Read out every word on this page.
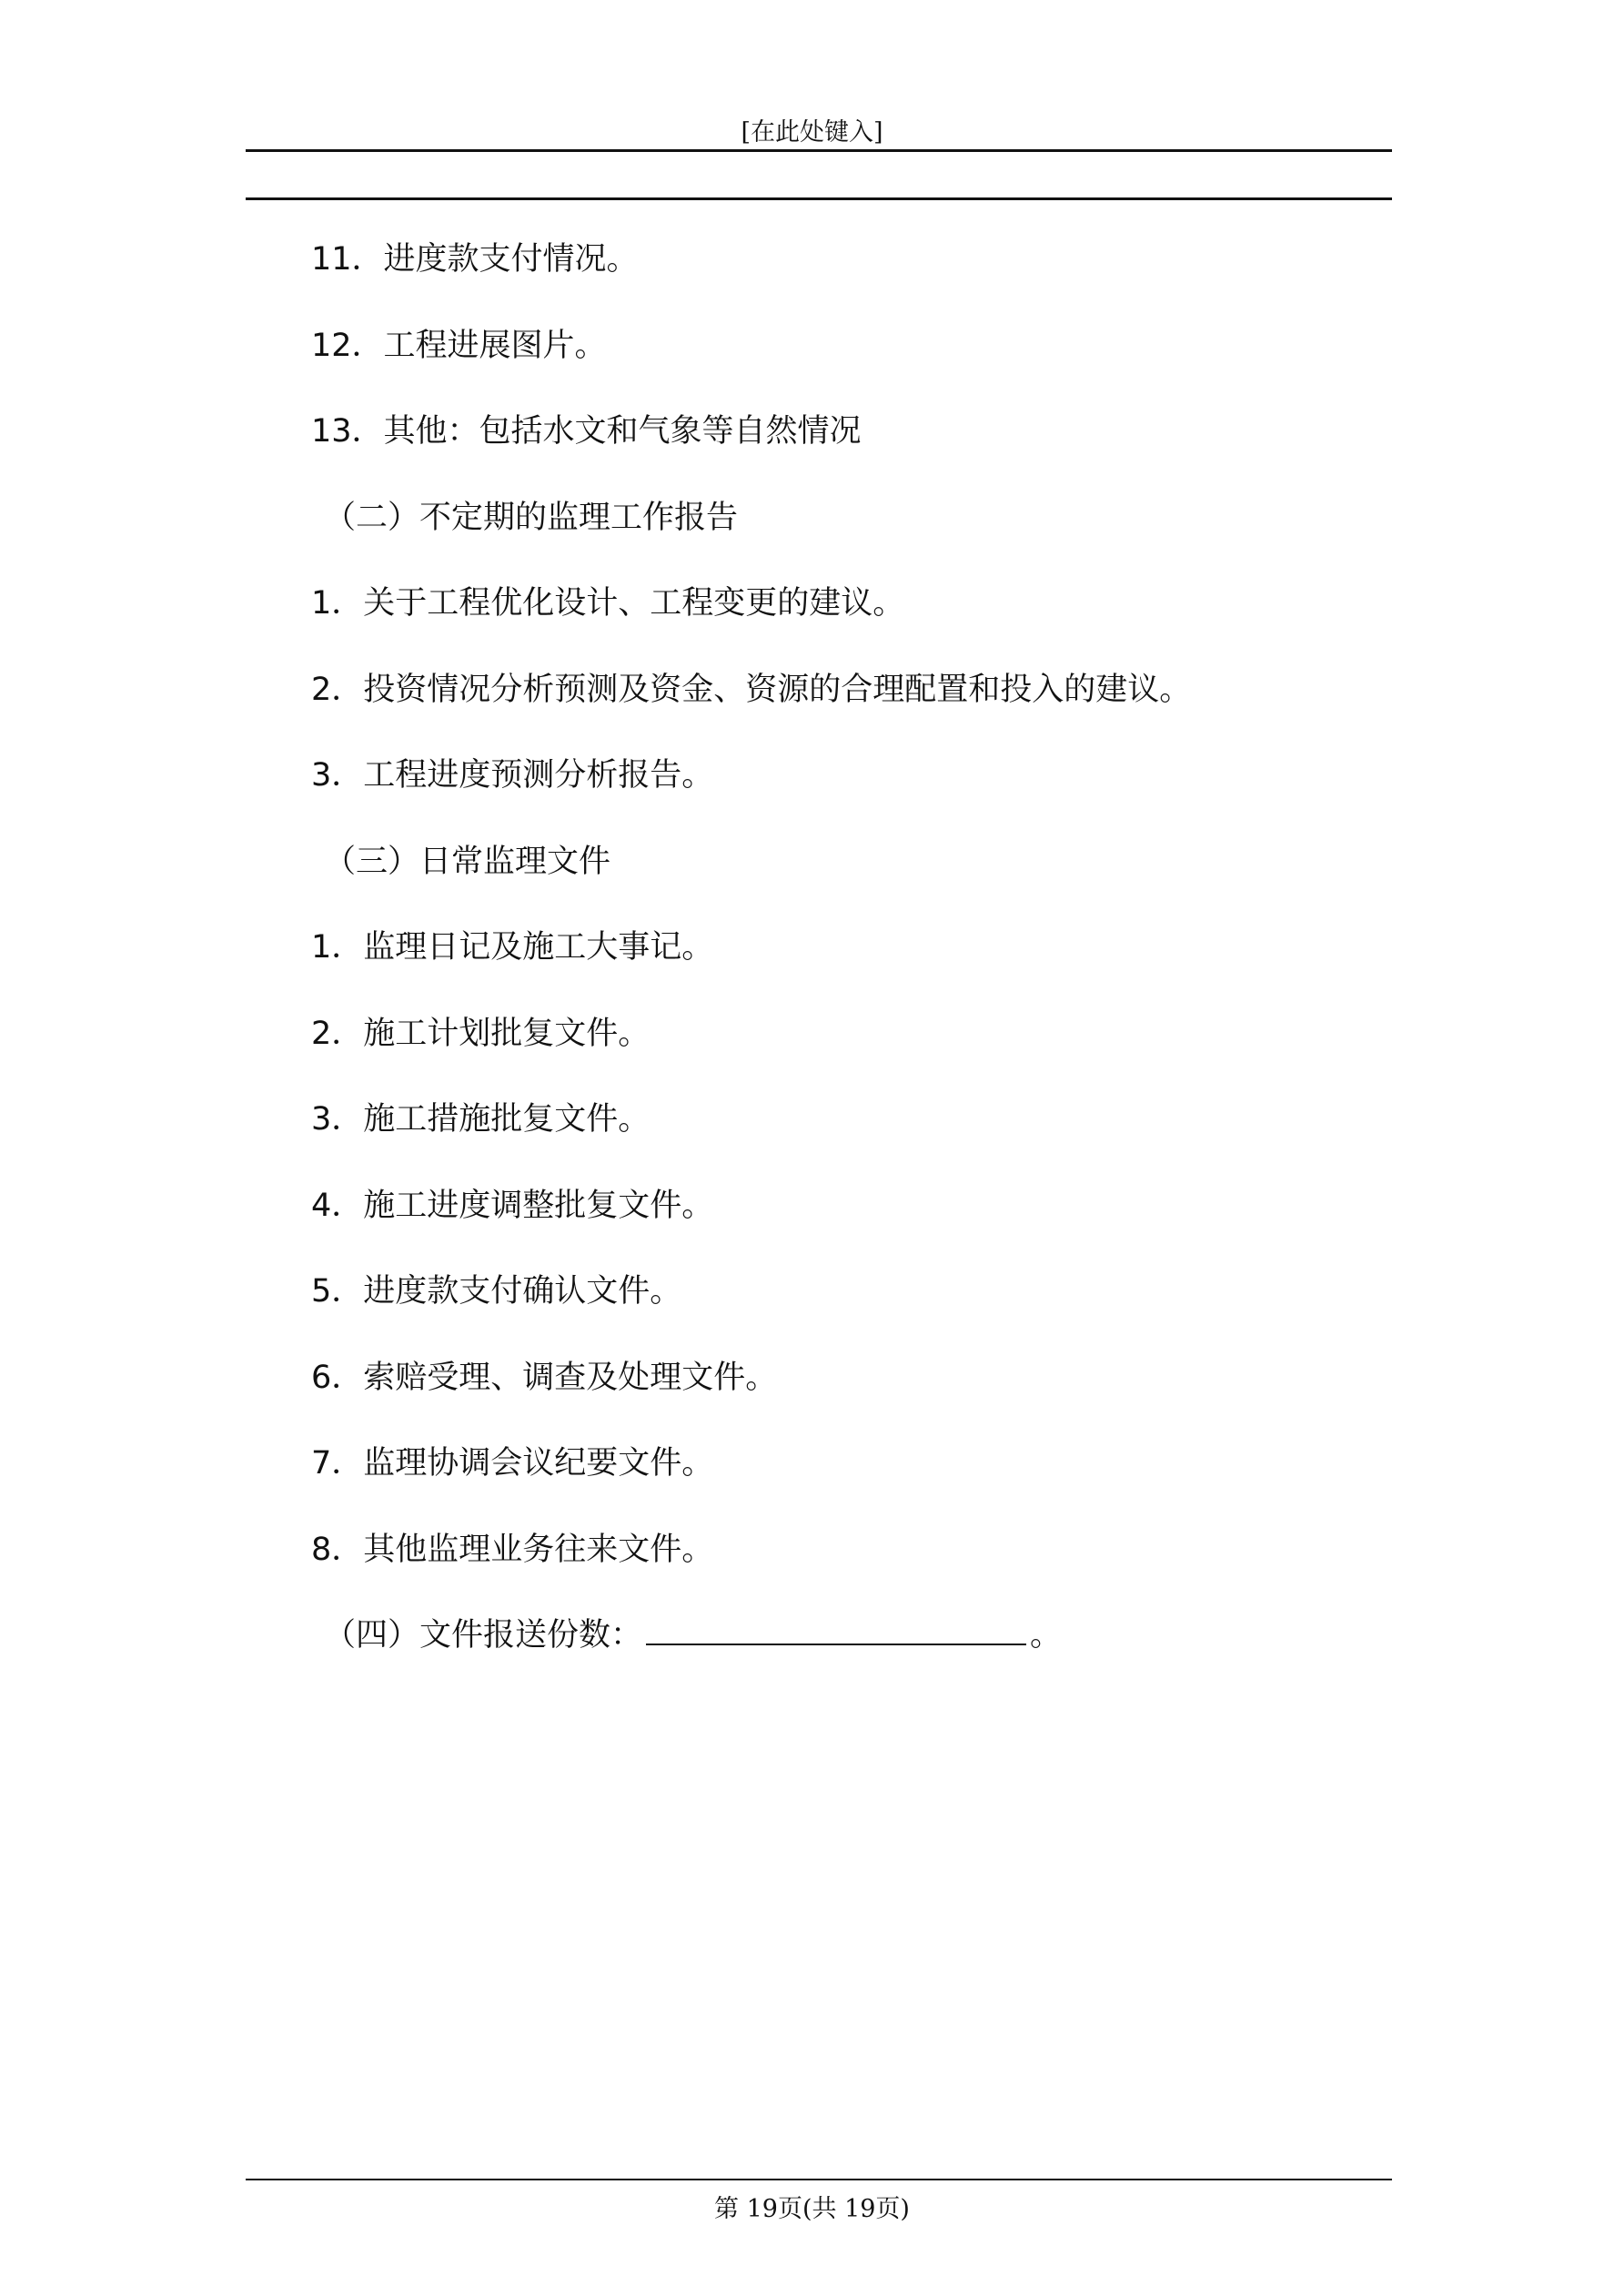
[在此处键入]
11．进度款支付情况。
12．工程进展图片。
13．其他：包括水文和气象等自然情况
（二）不定期的监理工作报告
1．关于工程优化设计、工程变更的建议。
2．投资情况分析预测及资金、资源的合理配置和投入的建议。
3．工程进度预测分析报告。
（三）日常监理文件
1．监理日记及施工大事记。
2．施工计划批复文件。
3．施工措施批复文件。
4．施工进度调整批复文件。
5．进度款支付确认文件。
6．索赔受理、调查及处理文件。
7．监理协调会议纪要文件。
8．其他监理业务往来文件。
（四）文件报送份数：	。
第 19页(共 19页)
